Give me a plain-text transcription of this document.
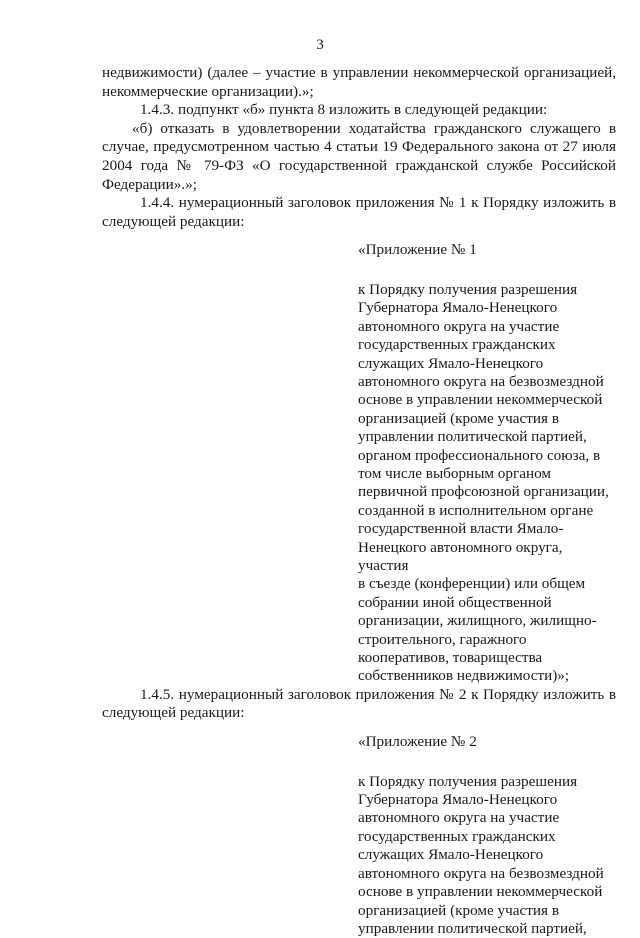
3

недвижимости) (далее – участие в управлении некоммерческой организацией, некоммерческие организации).»;

1.4.3. подпункт «б» пункта 8 изложить в следующей редакции:

«б) отказать в удовлетворении ходатайства гражданского служащего в случае, предусмотренном частью 4 статьи 19 Федерального закона от 27 июля 2004 года № 79-ФЗ «О государственной гражданской службе Российской Федерации».»;

1.4.4. нумерационный заголовок приложения № 1 к Порядку изложить в следующей редакции:

«Приложение № 1
к Порядку получения разрешения
Губернатора Ямало-Ненецкого
автономного округа на участие
государственных гражданских
служащих Ямало-Ненецкого
автономного округа на безвозмездной
основе в управлении некоммерческой
организацией (кроме участия в
управлении политической партией,
органом профессионального союза, в
том числе выборным органом
первичной профсоюзной организации,
созданной в исполнительном органе
государственной власти Ямало-
Ненецкого автономного округа, участия
в съезде (конференции) или общем
собрании иной общественной
организации, жилищного, жилищно-
строительного, гаражного
кооперативов, товарищества
собственников недвижимости)»;

1.4.5. нумерационный заголовок приложения № 2 к Порядку изложить в следующей редакции:

«Приложение № 2
к Порядку получения разрешения
Губернатора Ямало-Ненецкого
автономного округа на участие
государственных гражданских
служащих Ямало-Ненецкого
автономного округа на безвозмездной
основе в управлении некоммерческой
организацией (кроме участия в
управлении политической партией,
